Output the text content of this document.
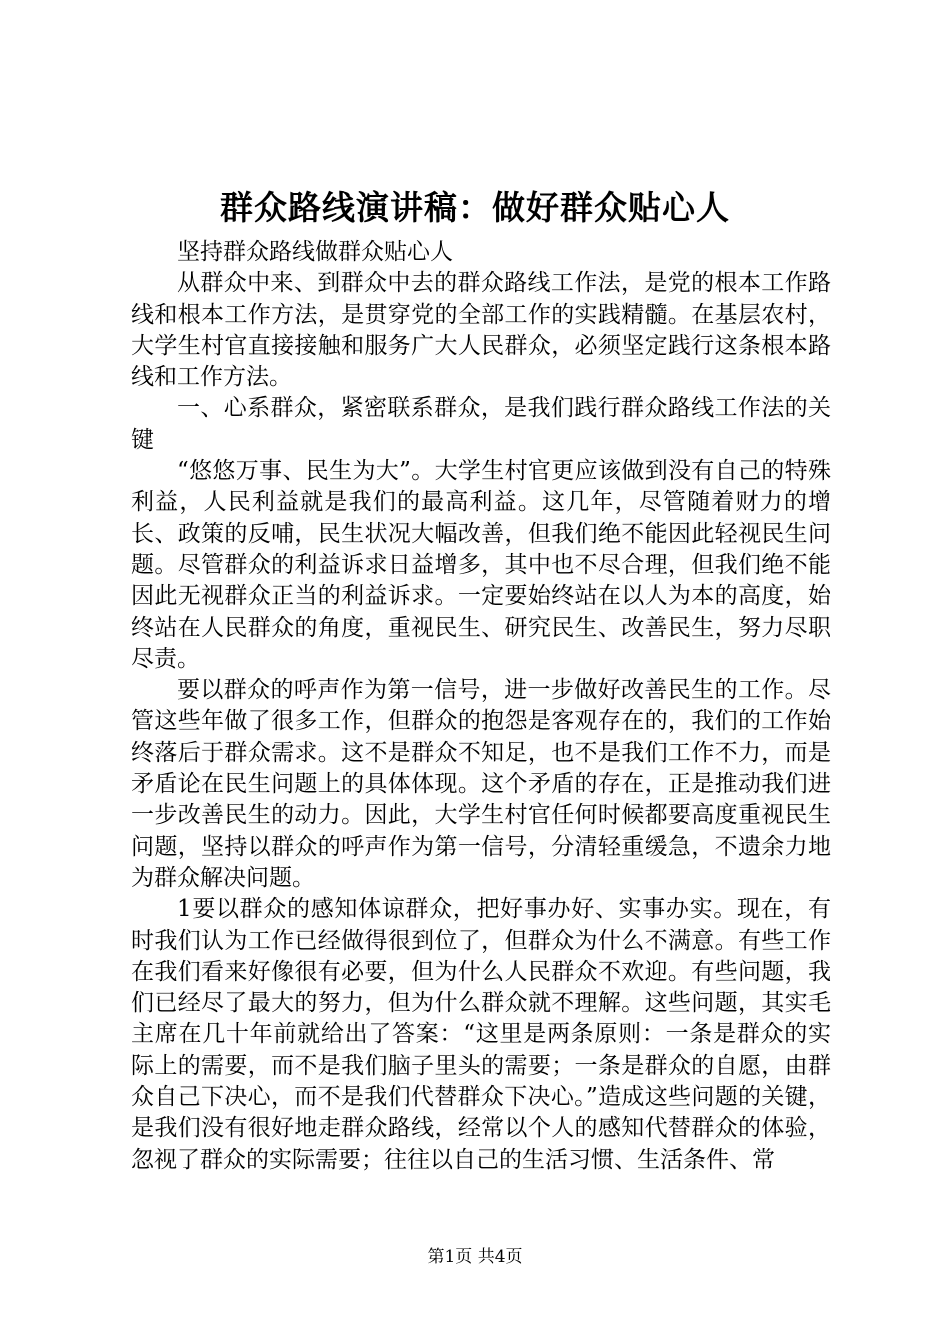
群众路线演讲稿：做好群众贴心人

坚持群众路线做群众贴心人

从群众中来、到群众中去的群众路线工作法，是党的根本工作路线和根本工作方法，是贯穿党的全部工作的实践精髓。在基层农村，大学生村官直接接触和服务广大人民群众，必须坚定践行这条根本路线和工作方法。

一、心系群众，紧密联系群众，是我们践行群众路线工作法的关键

“悠悠万事、民生为大”。大学生村官更应该做到没有自己的特殊利益，人民利益就是我们的最高利益。这几年，尽管随着财力的增长、政策的反哺，民生状况大幅改善，但我们绝不能因此轻视民生问题。尽管群众的利益诉求日益增多，其中也不尽合理，但我们绝不能因此无视群众正当的利益诉求。一定要始终站在以人为本的高度，始终站在人民群众的角度，重视民生、研究民生、改善民生，努力尽职尽责。

要以群众的呼声作为第一信号，进一步做好改善民生的工作。尽管这些年做了很多工作，但群众的抱怨是客观存在的，我们的工作始终落后于群众需求。这不是群众不知足，也不是我们工作不力，而是矛盾论在民生问题上的具体体现。这个矛盾的存在，正是推动我们进一步改善民生的动力。因此，大学生村官任何时候都要高度重视民生问题，坚持以群众的呼声作为第一信号，分清轻重缓急，不遗余力地为群众解决问题。

1要以群众的感知体谅群众，把好事办好、实事办实。现在，有时我们认为工作已经做得很到位了，但群众为什么不满意。有些工作在我们看来好像很有必要，但为什么人民群众不欢迎。有些问题，我们已经尽了最大的努力，但为什么群众就不理解。这些问题，其实毛主席在几十年前就给出了答案：“这里是两条原则：一条是群众的实际上的需要，而不是我们脑子里头的需要；一条是群众的自愿，由群众自己下决心，而不是我们代替群众下决心。”造成这些问题的关键，是我们没有很好地走群众路线，经常以个人的感知代替群众的体验，忽视了群众的实际需要；往往以自己的生活习惯、生活条件、常

第1页 共4页
